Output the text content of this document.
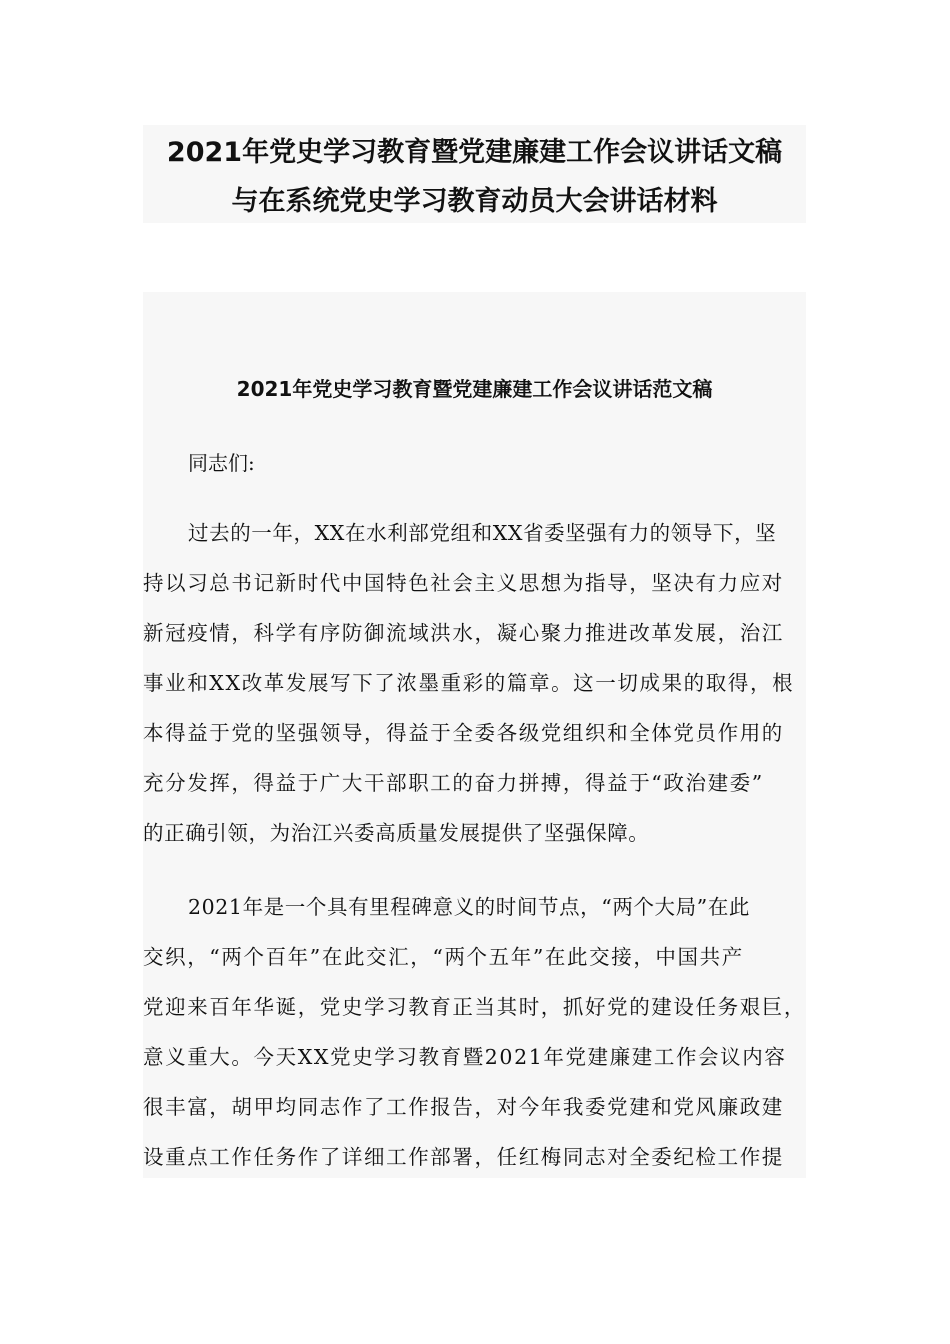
2021年党史学习教育暨党建廉建工作会议讲话文稿
与在系统党史学习教育动员大会讲话材料
2021年党史学习教育暨党建廉建工作会议讲话范文稿
同志们:
过去的一年，XX在水利部党组和XX省委坚强有力的领导下，坚
持以习总书记新时代中国特色社会主义思想为指导，坚决有力应对
新冠疫情，科学有序防御流域洪水，凝心聚力推进改革发展，治江
事业和XX改革发展写下了浓墨重彩的篇章。这一切成果的取得，根
本得益于党的坚强领导，得益于全委各级党组织和全体党员作用的
充分发挥，得益于广大干部职工的奋力拼搏，得益于“政治建委”
的正确引领，为治江兴委高质量发展提供了坚强保障。
2021年是一个具有里程碑意义的时间节点，“两个大局”在此
交织，“两个百年”在此交汇，“两个五年”在此交接，中国共产
党迎来百年华诞，党史学习教育正当其时，抓好党的建设任务艰巨，
意义重大。今天XX党史学习教育暨2021年党建廉建工作会议内容
很丰富，胡甲均同志作了工作报告，对今年我委党建和党风廉政建
设重点工作任务作了详细工作部署，任红梅同志对全委纪检工作提
